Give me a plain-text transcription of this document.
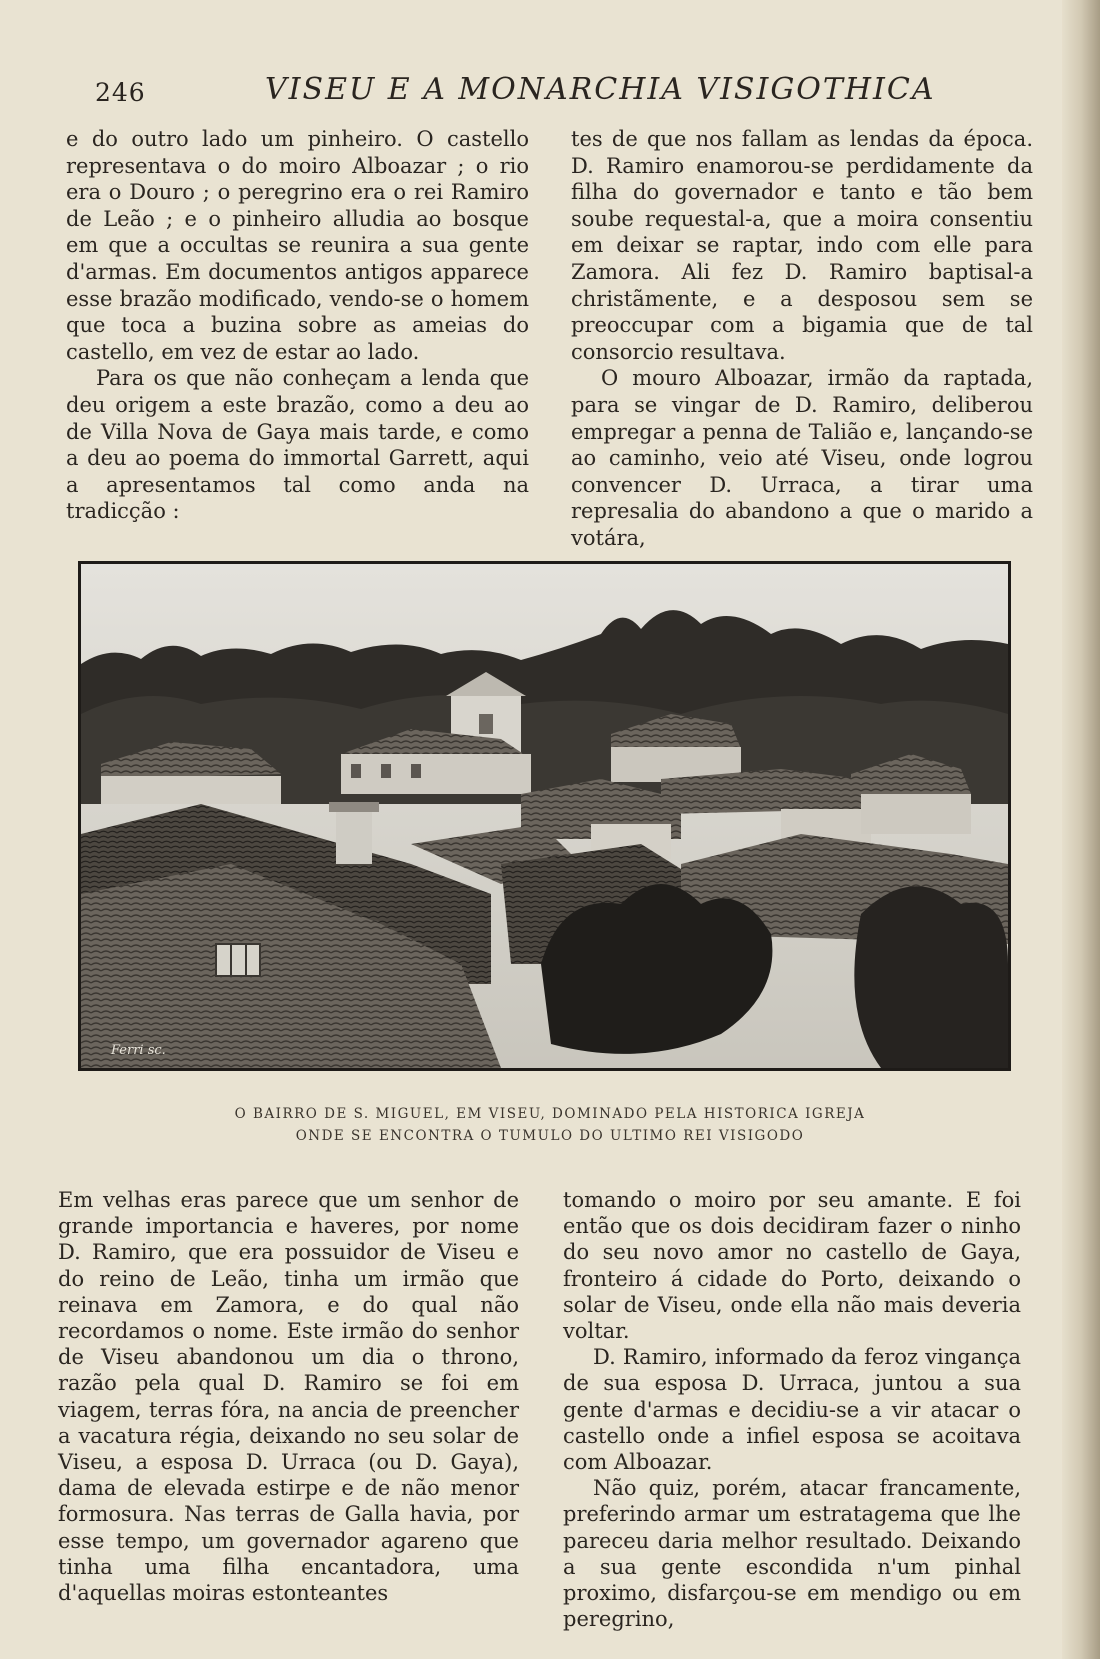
246	VISEU E A MONARCHIA VISIGOTHICA

e do outro lado um pinheiro. O castello representava o do moiro Alboazar ; o rio era o Douro ; o peregrino era o rei Ramiro de Leão ; e o pinheiro alludia ao bosque em que a occultas se reunira a sua gente d'armas. Em documentos antigos apparece esse brazão modificado, vendo-se o homem que toca a buzina sobre as ameias do castello, em vez de estar ao lado.

Para os que não conheçam a lenda que deu origem a este brazão, como a deu ao de Villa Nova de Gaya mais tarde, e como a deu ao poema do immortal Garrett, aqui a apresentamos tal como anda na tradicção :

tes de que nos fallam as lendas da época. D. Ramiro enamorou-se perdidamente da filha do governador e tanto e tão bem soube requestal-a, que a moira consentiu em deixar se raptar, indo com elle para Zamora. Ali fez D. Ramiro baptisal-a christãmente, e a desposou sem se preoccupar com a bigamia que de tal consorcio resultava.

O mouro Alboazar, irmão da raptada, para se vingar de D. Ramiro, deliberou empregar a penna de Talião e, lançando-se ao caminho, veio até Viseu, onde logrou convencer D. Urraca, a tirar uma represalia do abandono a que o marido a votára,

Ferri sc.
O BAIRRO DE S. MIGUEL, EM VISEU, DOMINADO PELA HISTORICA IGREJA
ONDE SE ENCONTRA O TUMULO DO ULTIMO REI VISIGODO

Em velhas eras parece que um senhor de grande importancia e haveres, por nome D. Ramiro, que era possuidor de Viseu e do reino de Leão, tinha um irmão que reinava em Zamora, e do qual não recordamos o nome. Este irmão do senhor de Viseu abandonou um dia o throno, razão pela qual D. Ramiro se foi em viagem, terras fóra, na ancia de preencher a vacatura régia, deixando no seu solar de Viseu, a esposa D. Urraca (ou D. Gaya), dama de elevada estirpe e de não menor formosura. Nas terras de Galla havia, por esse tempo, um governador agareno que tinha uma filha encantadora, uma d'aquellas moiras estonteantes

tomando o moiro por seu amante. E foi então que os dois decidiram fazer o ninho do seu novo amor no castello de Gaya, fronteiro á cidade do Porto, deixando o solar de Viseu, onde ella não mais deveria voltar.

D. Ramiro, informado da feroz vingança de sua esposa D. Urraca, juntou a sua gente d'armas e decidiu-se a vir atacar o castello onde a infiel esposa se acoitava com Alboazar.

Não quiz, porém, atacar francamente, preferindo armar um estratagema que lhe pareceu daria melhor resultado. Deixando a sua gente escondida n'um pinhal proximo, disfarçou-se em mendigo ou em peregrino,
